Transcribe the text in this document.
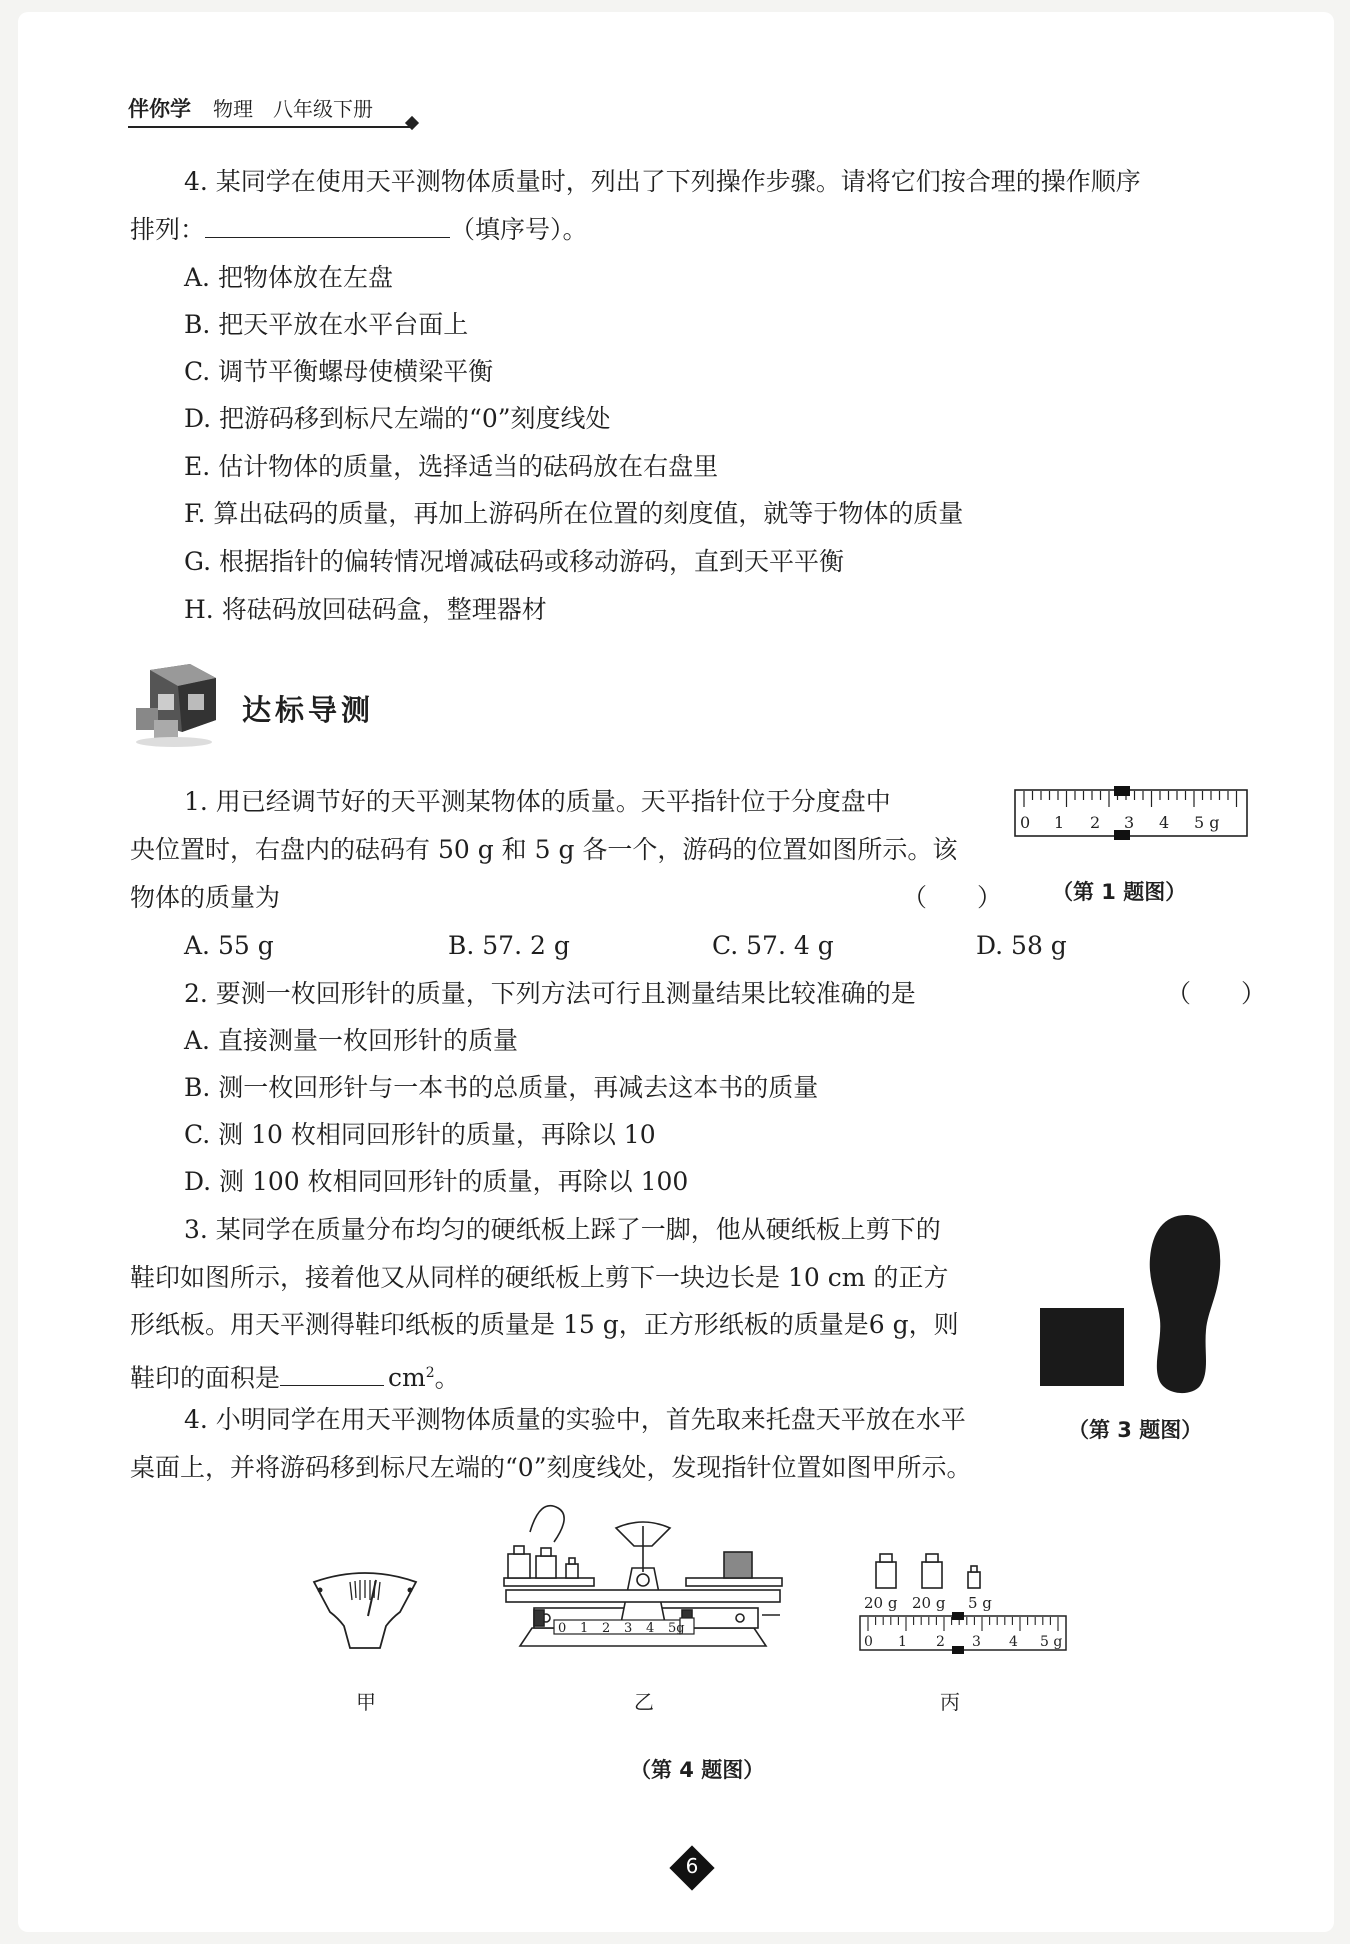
伴你学 物理 八年级下册
4. 某同学在使用天平测物体质量时，列出了下列操作步骤。请将它们按合理的操作顺序
排列：	（填序号）。
A. 把物体放在左盘
B. 把天平放在水平台面上
C. 调节平衡螺母使横梁平衡
D. 把游码移到标尺左端的“0”刻度线处
E. 估计物体的质量，选择适当的砝码放在右盘里
F. 算出砝码的质量，再加上游码所在位置的刻度值，就等于物体的质量
G. 根据指针的偏转情况增减砝码或移动游码，直到天平平衡
H. 将砝码放回砝码盒，整理器材
达标导测
1. 用已经调节好的天平测某物体的质量。天平指针位于分度盘中
央位置时，右盘内的砝码有 50 g 和 5 g 各一个，游码的位置如图所示。该
物体的质量为	（　　）
A. 55 g	B. 57. 2 g	C. 57. 4 g	D. 58 g
0 1 2 3 4 5 g
（第 1 题图）
2. 要测一枚回形针的质量，下列方法可行且测量结果比较准确的是	（　　）
A. 直接测量一枚回形针的质量
B. 测一枚回形针与一本书的总质量，再减去这本书的质量
C. 测 10 枚相同回形针的质量，再除以 10
D. 测 100 枚相同回形针的质量，再除以 100
3. 某同学在质量分布均匀的硬纸板上踩了一脚，他从硬纸板上剪下的
鞋印如图所示，接着他又从同样的硬纸板上剪下一块边长是 10 cm 的正方
形纸板。用天平测得鞋印纸板的质量是 15 g，正方形纸板的质量是6 g，则
鞋印的面积是	$cm^2$。
（第 3 题图）
4. 小明同学在用天平测物体质量的实验中，首先取来托盘天平放在水平
桌面上，并将游码移到标尺左端的“0”刻度线处，发现指针位置如图甲所示。
0 1 2 3 4 5g
20 g 20 g 5 g
0 1 2 3 4 5 g
甲	乙	丙
（第 4 题图）
6
